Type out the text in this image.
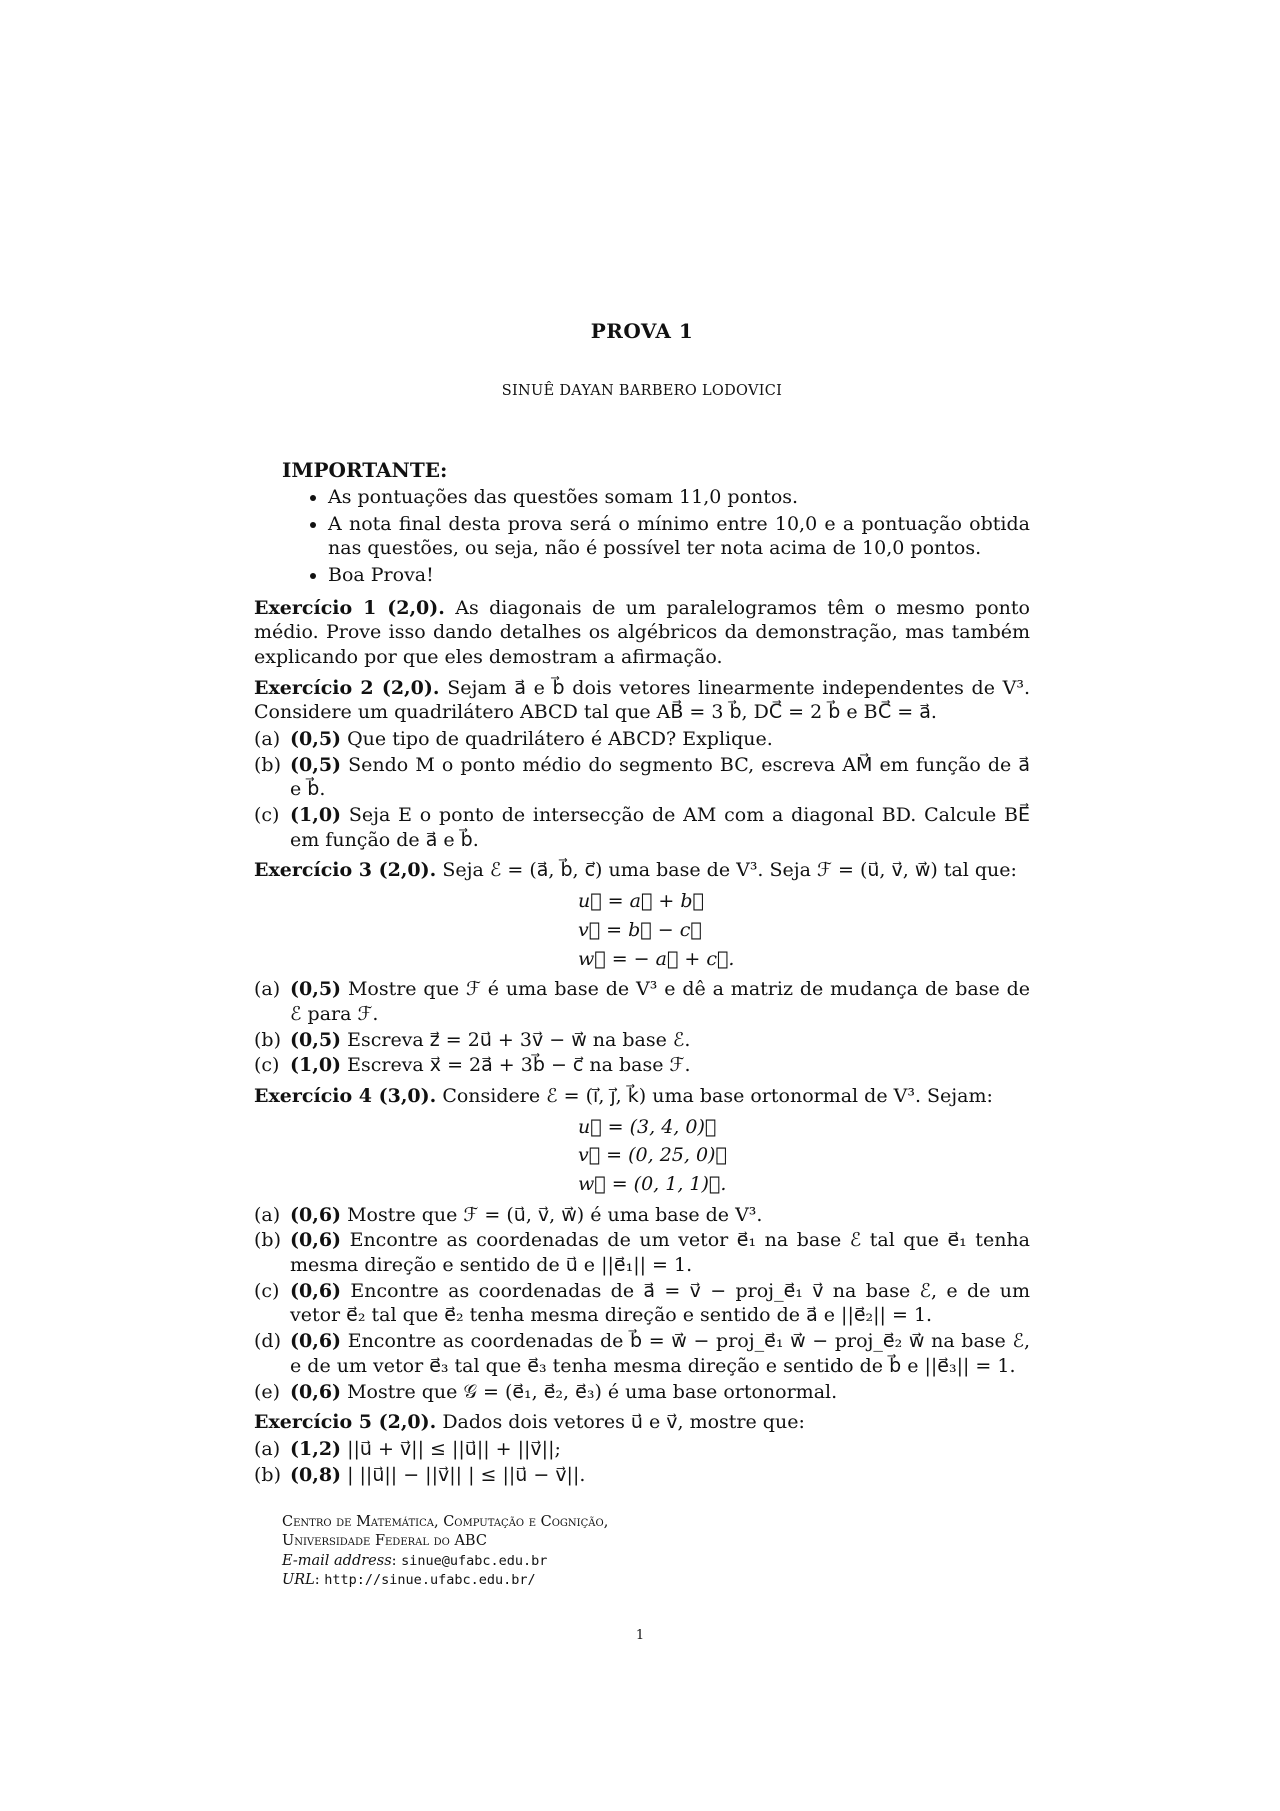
PROVA 1
SINUÊ DAYAN BARBERO LODOVICI
IMPORTANTE:
• As pontuações das questões somam 11,0 pontos.
• A nota final desta prova será o mínimo entre 10,0 e a pontuação obtida nas questões, ou seja, não é possível ter nota acima de 10,0 pontos.
• Boa Prova!
Exercício 1 (2,0). As diagonais de um paralelogramos têm o mesmo ponto médio. Prove isso dando detalhes os algébricos da demonstração, mas também explicando por que eles demostram a afirmação.
Exercício 2 (2,0). Sejam a⃗ e b⃗ dois vetores linearmente independentes de V³. Considere um quadrilátero ABCD tal que AB⃗ = 3 b⃗, DC⃗ = 2 b⃗ e BC⃗ = a⃗.
(a) (0,5) Que tipo de quadrilátero é ABCD? Explique.
(b) (0,5) Sendo M o ponto médio do segmento BC, escreva AM⃗ em função de a⃗ e b⃗.
(c) (1,0) Seja E o ponto de intersecção de AM com a diagonal BD. Calcule BE⃗ em função de a⃗ e b⃗.
Exercício 3 (2,0). Seja ℰ = (a⃗, b⃗, c⃗) uma base de V³. Seja ℱ = (u⃗, v⃗, w⃗) tal que:
u⃗ = a⃗ + b⃗
v⃗ = b⃗ − c⃗
w⃗ = − a⃗ + c⃗.
(a) (0,5) Mostre que ℱ é uma base de V³ e dê a matriz de mudança de base de ℰ para ℱ.
(b) (0,5) Escreva z⃗ = 2u⃗ + 3v⃗ − w⃗ na base ℰ.
(c) (1,0) Escreva x⃗ = 2a⃗ + 3b⃗ − c⃗ na base ℱ.
Exercício 4 (3,0). Considere ℰ = (i⃗, j⃗, k⃗) uma base ortonormal de V³. Sejam:
u⃗ = (3, 4, 0)ℰ
v⃗ = (0, 25, 0)ℰ
w⃗ = (0, 1, 1)ℰ.
(a) (0,6) Mostre que ℱ = (u⃗, v⃗, w⃗) é uma base de V³.
(b) (0,6) Encontre as coordenadas de um vetor e⃗₁ na base ℰ tal que e⃗₁ tenha mesma direção e sentido de u⃗ e ||e⃗₁|| = 1.
(c) (0,6) Encontre as coordenadas de a⃗ = v⃗ − proj_e⃗₁ v⃗ na base ℰ, e de um vetor e⃗₂ tal que e⃗₂ tenha mesma direção e sentido de a⃗ e ||e⃗₂|| = 1.
(d) (0,6) Encontre as coordenadas de b⃗ = w⃗ − proj_e⃗₁ w⃗ − proj_e⃗₂ w⃗ na base ℰ, e de um vetor e⃗₃ tal que e⃗₃ tenha mesma direção e sentido de b⃗ e ||e⃗₃|| = 1.
(e) (0,6) Mostre que 𝒢 = (e⃗₁, e⃗₂, e⃗₃) é uma base ortonormal.
Exercício 5 (2,0). Dados dois vetores u⃗ e v⃗, mostre que:
(a) (1,2) ||u⃗ + v⃗|| ≤ ||u⃗|| + ||v⃗||;
(b) (0,8) | ||u⃗|| − ||v⃗|| | ≤ ||u⃗ − v⃗||.
Centro de Matemática, Computação e Cognição,
Universidade Federal do ABC
E-mail address: sinue@ufabc.edu.br
URL: http://sinue.ufabc.edu.br/
1
